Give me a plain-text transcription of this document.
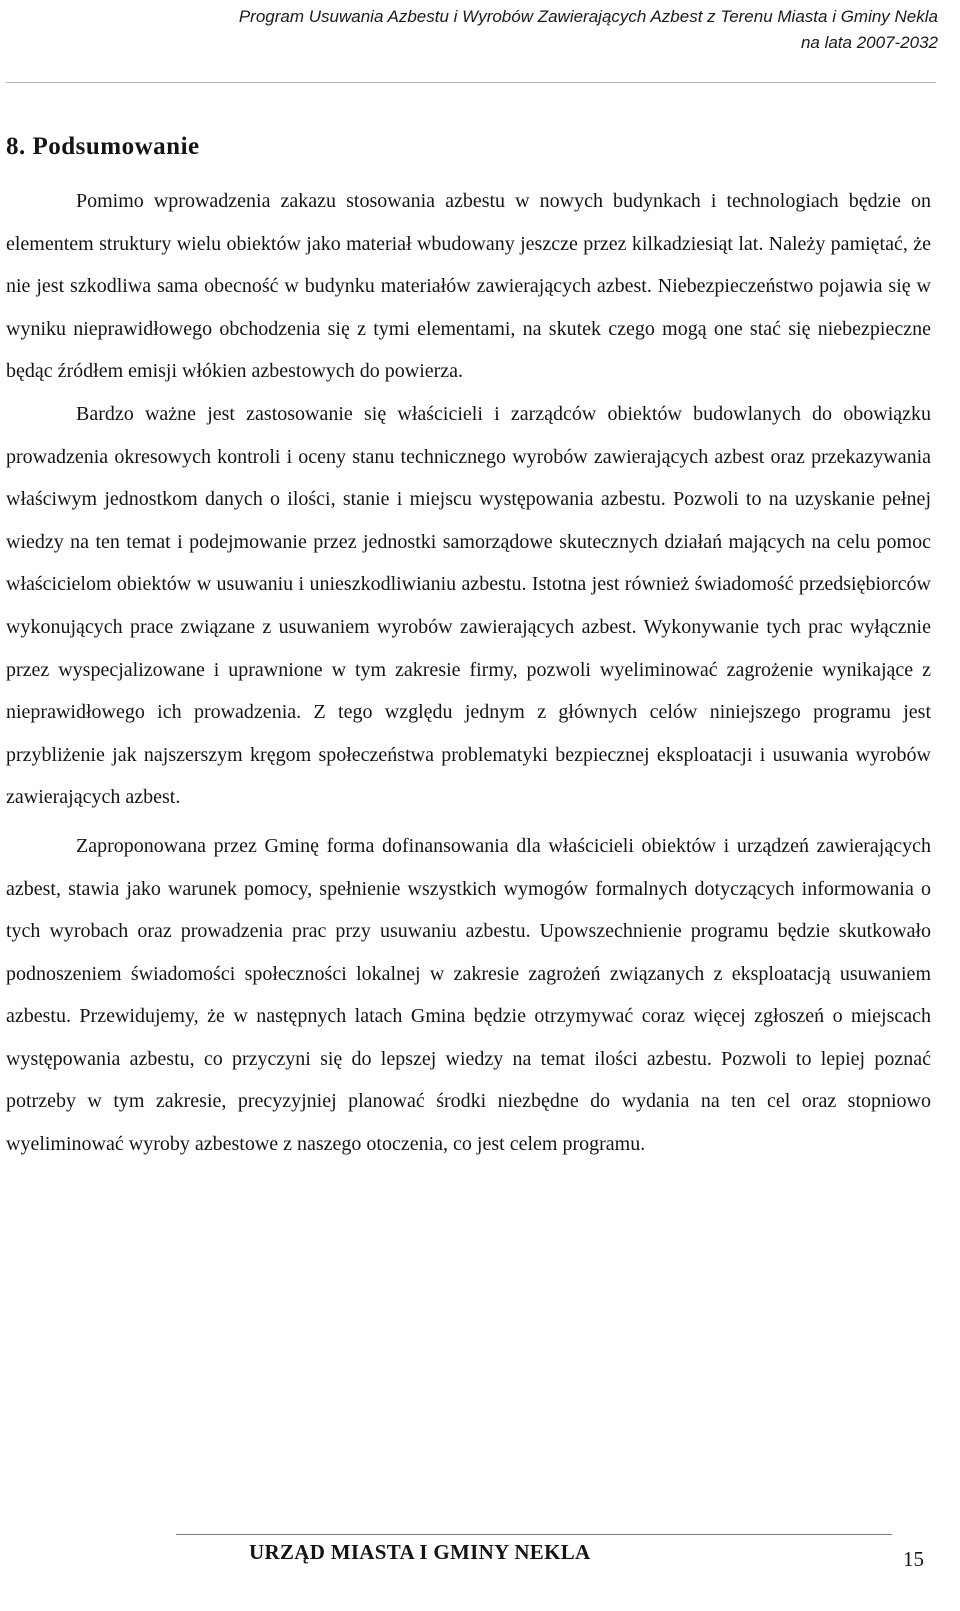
Program Usuwania Azbestu i Wyrobów Zawierających Azbest z Terenu Miasta i Gminy Nekla
na lata 2007-2032
8. Podsumowanie

Pomimo wprowadzenia zakazu stosowania azbestu w nowych budynkach i technologiach będzie on elementem struktury wielu obiektów jako materiał wbudowany jeszcze przez kilkadziesiąt lat. Należy pamiętać, że nie jest szkodliwa sama obecność w budynku materiałów zawierających azbest. Niebezpieczeństwo pojawia się w wyniku nieprawidłowego obchodzenia się z tymi elementami, na skutek czego mogą one stać się niebezpieczne będąc źródłem emisji włókien azbestowych do powierza.

Bardzo ważne jest zastosowanie się właścicieli i zarządców obiektów budowlanych do obowiązku prowadzenia okresowych kontroli i oceny stanu technicznego wyrobów zawierających azbest oraz przekazywania właściwym jednostkom danych o ilości, stanie i miejscu występowania azbestu. Pozwoli to na uzyskanie pełnej wiedzy na ten temat i podejmowanie przez jednostki samorządowe skutecznych działań mających na celu pomoc właścicielom obiektów w usuwaniu i unieszkodliwianiu azbestu. Istotna jest również świadomość przedsiębiorców wykonujących prace związane z usuwaniem wyrobów zawierających azbest. Wykonywanie tych prac wyłącznie przez wyspecjalizowane i uprawnione w tym zakresie firmy, pozwoli wyeliminować zagrożenie wynikające z nieprawidłowego ich prowadzenia. Z tego względu jednym z głównych celów niniejszego programu jest przybliżenie jak najszerszym kręgom społeczeństwa problematyki bezpiecznej eksploatacji i usuwania wyrobów zawierających azbest.

Zaproponowana przez Gminę forma dofinansowania dla właścicieli obiektów i urządzeń zawierających azbest, stawia jako warunek pomocy, spełnienie wszystkich wymogów formalnych dotyczących informowania o tych wyrobach oraz prowadzenia prac przy usuwaniu azbestu. Upowszechnienie programu będzie skutkowało podnoszeniem świadomości społeczności lokalnej w zakresie zagrożeń związanych z eksploatacją usuwaniem azbestu. Przewidujemy, że w następnych latach Gmina będzie otrzymywać coraz więcej zgłoszeń o miejscach występowania azbestu, co przyczyni się do lepszej wiedzy na temat ilości azbestu. Pozwoli to lepiej poznać potrzeby w tym zakresie, precyzyjniej planować środki niezbędne do wydania na ten cel oraz stopniowo wyeliminować wyroby azbestowe z naszego otoczenia, co jest celem programu.

URZĄD MIASTA I GMINY NEKLA	15
